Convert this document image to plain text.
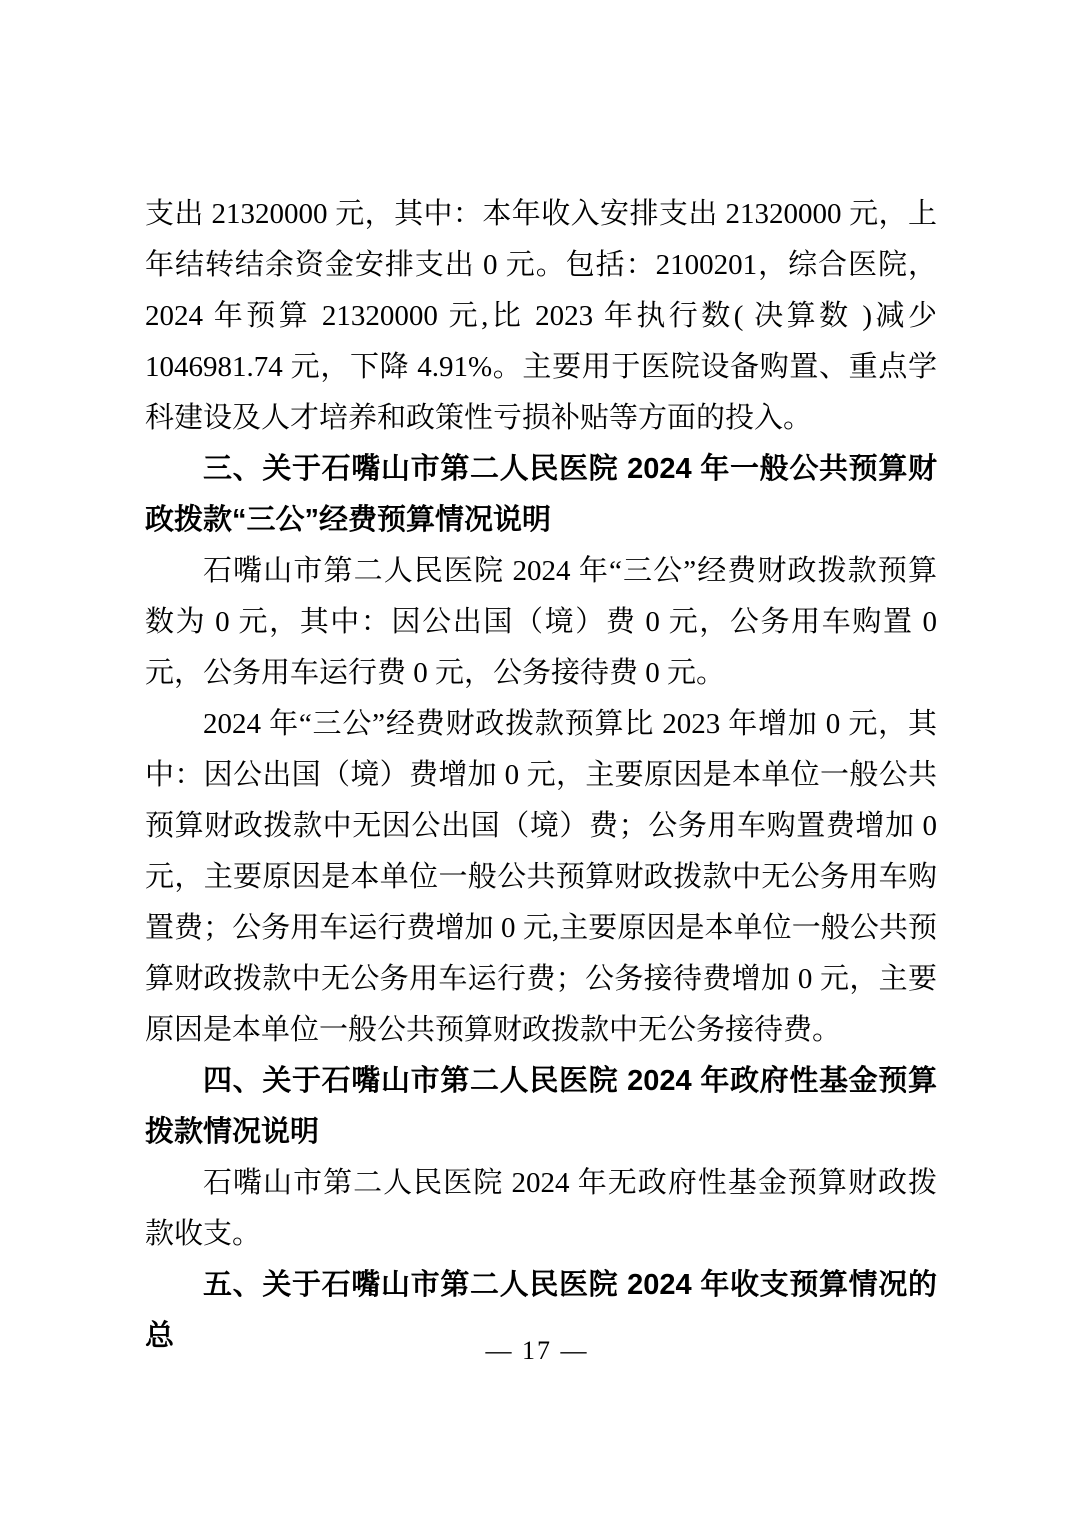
支出 21320000 元，其中：本年收入安排支出 21320000 元，上年结转结余资金安排支出 0 元。包括：2100201，综合医院，2024 年预算 21320000 元,比 2023 年执行数( 决算数 )减少 1046981.74 元，下降 4.91%。主要用于医院设备购置、重点学科建设及人才培养和政策性亏损补贴等方面的投入。

三、关于石嘴山市第二人民医院 2024 年一般公共预算财政拨款“三公”经费预算情况说明

石嘴山市第二人民医院 2024 年“三公”经费财政拨款预算数为 0 元，其中：因公出国（境）费 0 元，公务用车购置 0 元，公务用车运行费 0 元，公务接待费 0 元。

2024 年“三公”经费财政拨款预算比 2023 年增加 0 元，其中：因公出国（境）费增加 0 元，主要原因是本单位一般公共预算财政拨款中无因公出国（境）费；公务用车购置费增加 0 元，主要原因是本单位一般公共预算财政拨款中无公务用车购置费；公务用车运行费增加 0 元,主要原因是本单位一般公共预算财政拨款中无公务用车运行费；公务接待费增加 0 元，主要原因是本单位一般公共预算财政拨款中无公务接待费。

四、关于石嘴山市第二人民医院 2024 年政府性基金预算拨款情况说明

石嘴山市第二人民医院 2024 年无政府性基金预算财政拨款收支。

五、关于石嘴山市第二人民医院 2024 年收支预算情况的总	— 17 —
